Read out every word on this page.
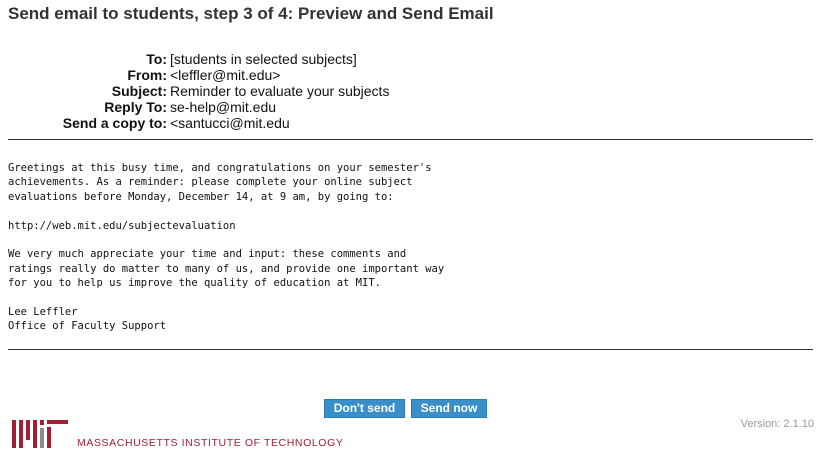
Send email to students, step 3 of 4: Preview and Send Email
To: [students in selected subjects]
From: <leffler@mit.edu>
Subject: Reminder to evaluate your subjects
Reply To: se-help@mit.edu
Send a copy to: <santucci@mit.edu
Greetings at this busy time, and congratulations on your semester's
achievements. As a reminder: please complete your online subject
evaluations before Monday, December 14, at 9 am, by going to:

http://web.mit.edu/subjectevaluation

We very much appreciate your time and input: these comments and
ratings really do matter to many of us, and provide one important way
for you to help us improve the quality of education at MIT.

Lee Leffler
Office of Faculty Support
Don't send	Send now
Version: 2.1.10
MASSACHUSETTS INSTITUTE OF TECHNOLOGY
